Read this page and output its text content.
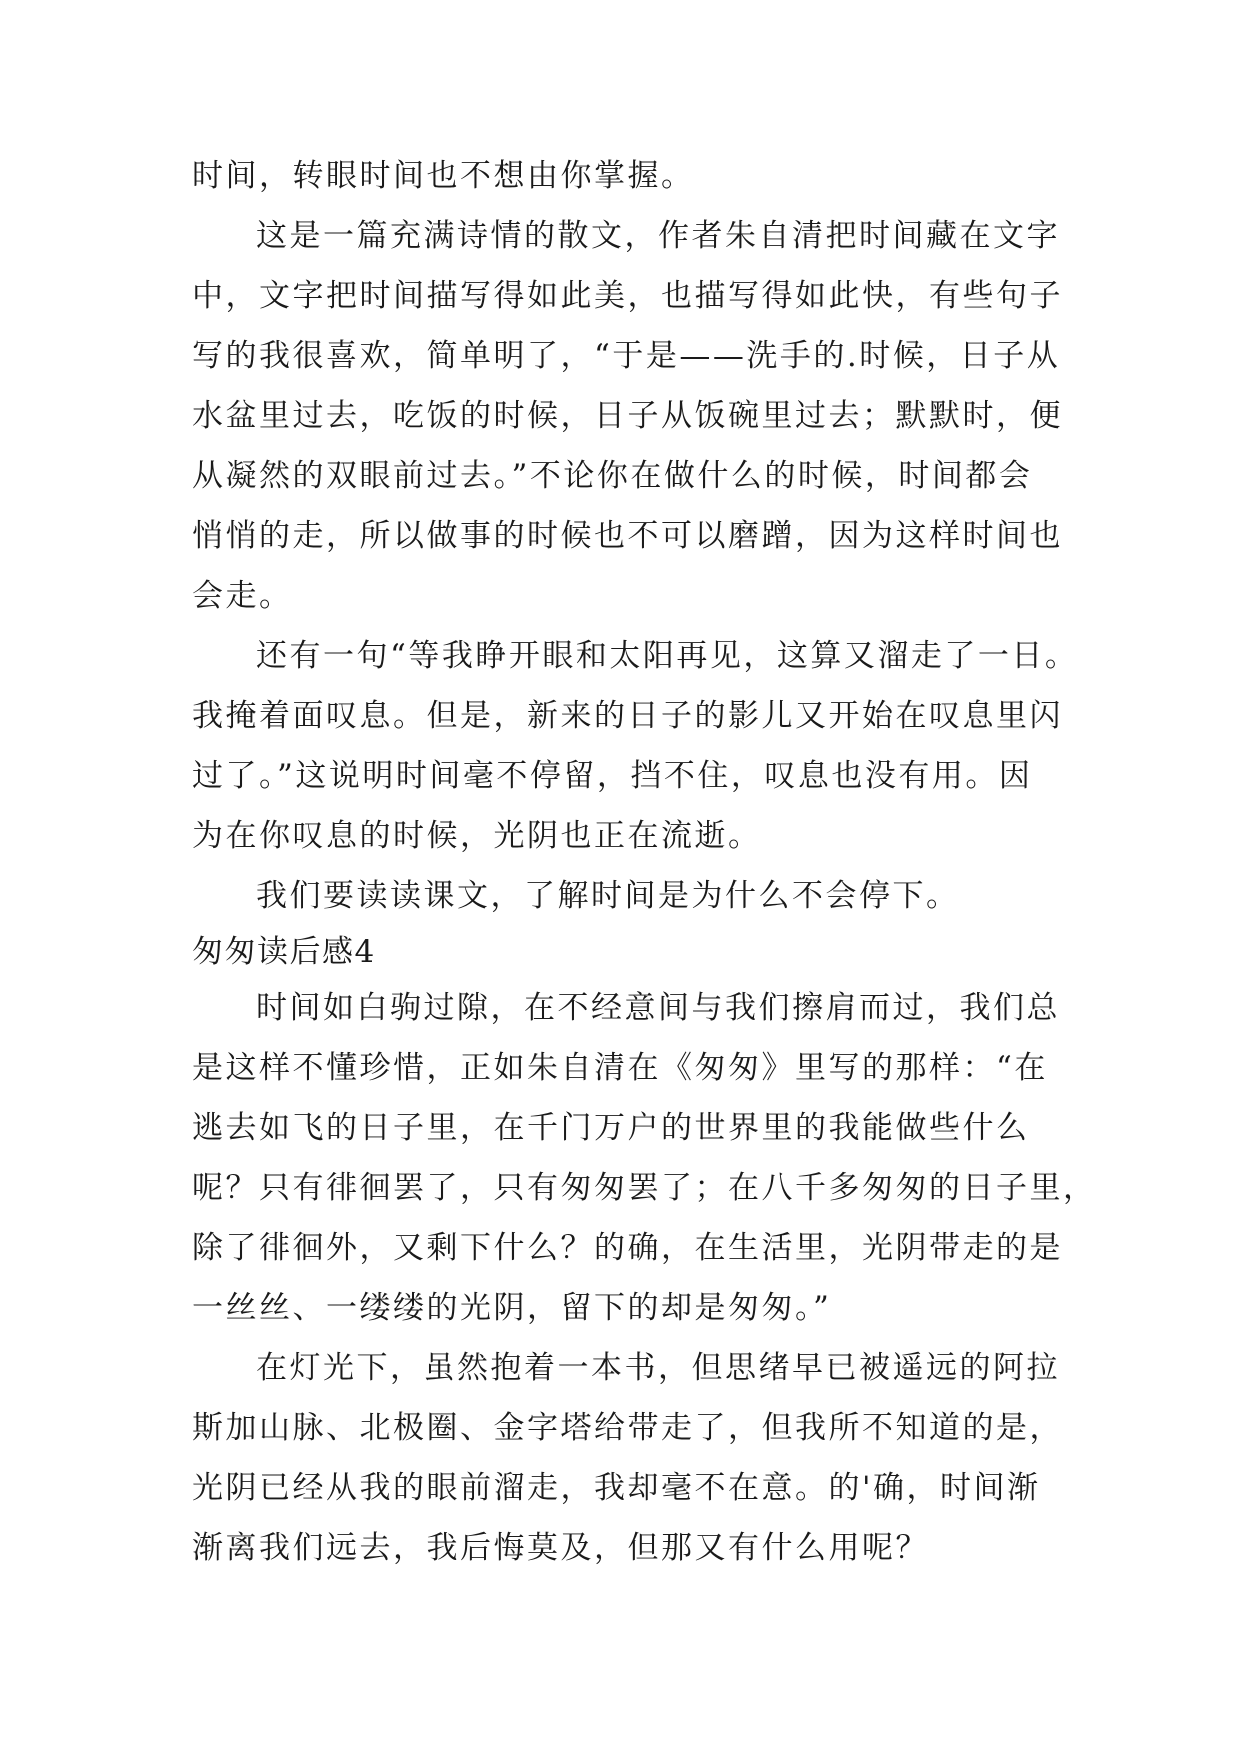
时间，转眼时间也不想由你掌握。
这是一篇充满诗情的散文，作者朱自清把时间藏在文字
中，文字把时间描写得如此美，也描写得如此快，有些句子
写的我很喜欢，简单明了，“于是——洗手的.时候，日子从
水盆里过去，吃饭的时候，日子从饭碗里过去；默默时，便
从凝然的双眼前过去。”不论你在做什么的时候，时间都会
悄悄的走，所以做事的时候也不可以磨蹭，因为这样时间也
会走。
还有一句“等我睁开眼和太阳再见，这算又溜走了一日。
我掩着面叹息。但是，新来的日子的影儿又开始在叹息里闪
过了。”这说明时间毫不停留，挡不住，叹息也没有用。因
为在你叹息的时候，光阴也正在流逝。
我们要读读课文，了解时间是为什么不会停下。
匆匆读后感4
时间如白驹过隙，在不经意间与我们擦肩而过，我们总
是这样不懂珍惜，正如朱自清在《匆匆》里写的那样：“在
逃去如飞的日子里，在千门万户的世界里的我能做些什么
呢？只有徘徊罢了，只有匆匆罢了；在八千多匆匆的日子里，
除了徘徊外，又剩下什么？的确，在生活里，光阴带走的是
一丝丝、一缕缕的光阴，留下的却是匆匆。”
在灯光下，虽然抱着一本书，但思绪早已被遥远的阿拉
斯加山脉、北极圈、金字塔给带走了，但我所不知道的是，
光阴已经从我的眼前溜走，我却毫不在意。的'确，时间渐
渐离我们远去，我后悔莫及，但那又有什么用呢？
